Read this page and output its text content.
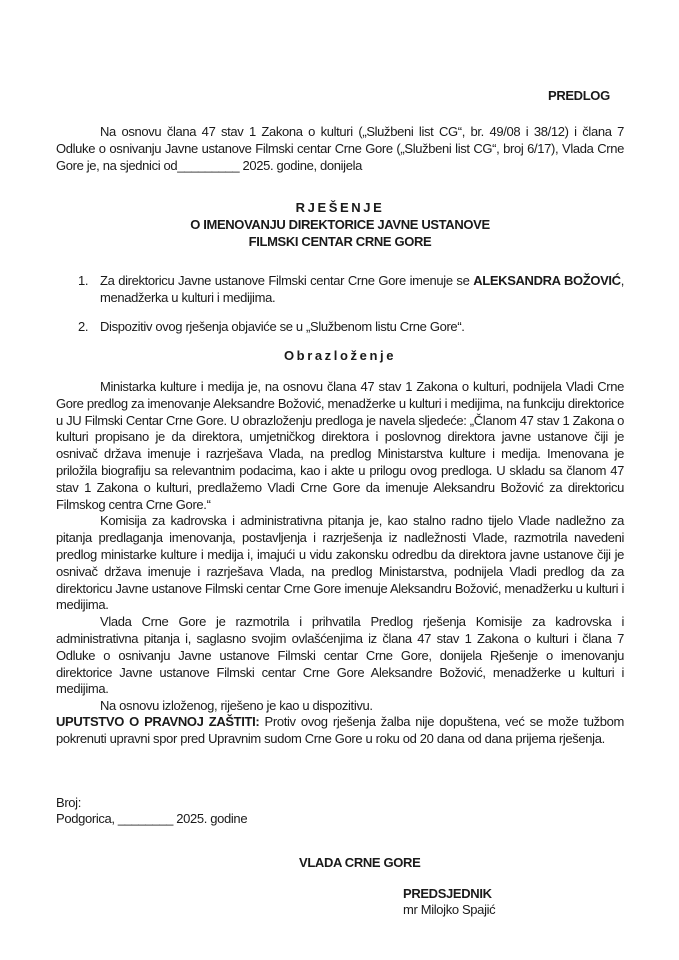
PREDLOG

Na osnovu člana 47 stav 1 Zakona o kulturi („Službeni list CG“, br. 49/08 i 38/12) i člana 7 Odluke o osnivanju Javne ustanove Filmski centar Crne Gore („Službeni list CG“, broj 6/17), Vlada Crne Gore je, na sjednici od_________ 2025. godine, donijela

RJEŠENJE
O IMENOVANJU DIREKTORICE JAVNE USTANOVE
FILMSKI CENTAR CRNE GORE
1. Za direktoricu Javne ustanove Filmski centar Crne Gore imenuje se ALEKSANDRA BOŽOVIĆ, menadžerka u kulturi i medijima.
2. Dispozitiv ovog rješenja objaviće se u „Službenom listu Crne Gore“.
Obrazloženje

Ministarka kulture i medija je, na osnovu člana 47 stav 1 Zakona o kulturi, podnijela Vladi Crne Gore predlog za imenovanje Aleksandre Božović, menadžerke u kulturi i medijima, na funkciju direktorice u JU Filmski Centar Crne Gore. U obrazloženju predloga je navela sljedeće: „Članom 47 stav 1 Zakona o kulturi propisano je da direktora, umjetničkog direktora i poslovnog direktora javne ustanove čiji je osnivač država imenuje i razrješava Vlada, na predlog Ministarstva kulture i medija. Imenovana je priložila biografiju sa relevantnim podacima, kao i akte u prilogu ovog predloga. U skladu sa članom 47 stav 1 Zakona o kulturi, predlažemo Vladi Crne Gore da imenuje Aleksandru Božović za direktoricu Filmskog centra Crne Gore.“

Komisija za kadrovska i administrativna pitanja je, kao stalno radno tijelo Vlade nadležno za pitanja predlaganja imenovanja, postavljenja i razrješenja iz nadležnosti Vlade, razmotrila navedeni predlog ministarke kulture i medija i, imajući u vidu zakonsku odredbu da direktora javne ustanove čiji je osnivač država imenuje i razrješava Vlada, na predlog Ministarstva, podnijela Vladi predlog da za direktoricu Javne ustanove Filmski centar Crne Gore imenuje Aleksandru Božović, menadžerku u kulturi i medijima.

Vlada Crne Gore je razmotrila i prihvatila Predlog rješenja Komisije za kadrovska i administrativna pitanja i, saglasno svojim ovlašćenjima iz člana 47 stav 1 Zakona o kulturi i člana 7 Odluke o osnivanju Javne ustanove Filmski centar Crne Gore, donijela Rješenje o imenovanju direktorice Javne ustanove Filmski centar Crne Gore Aleksandre Božović, menadžerke u kulturi i medijima.

Na osnovu izloženog, riješeno je kao u dispozitivu.

UPUTSTVO O PRAVNOJ ZAŠTITI: Protiv ovog rješenja žalba nije dopuštena, već se može tužbom pokrenuti upravni spor pred Upravnim sudom Crne Gore u roku od 20 dana od dana prijema rješenja.

Broj:
Podgorica, ________ 2025. godine
VLADA CRNE GORE
PREDSJEDNIK
mr Milojko Spajić
